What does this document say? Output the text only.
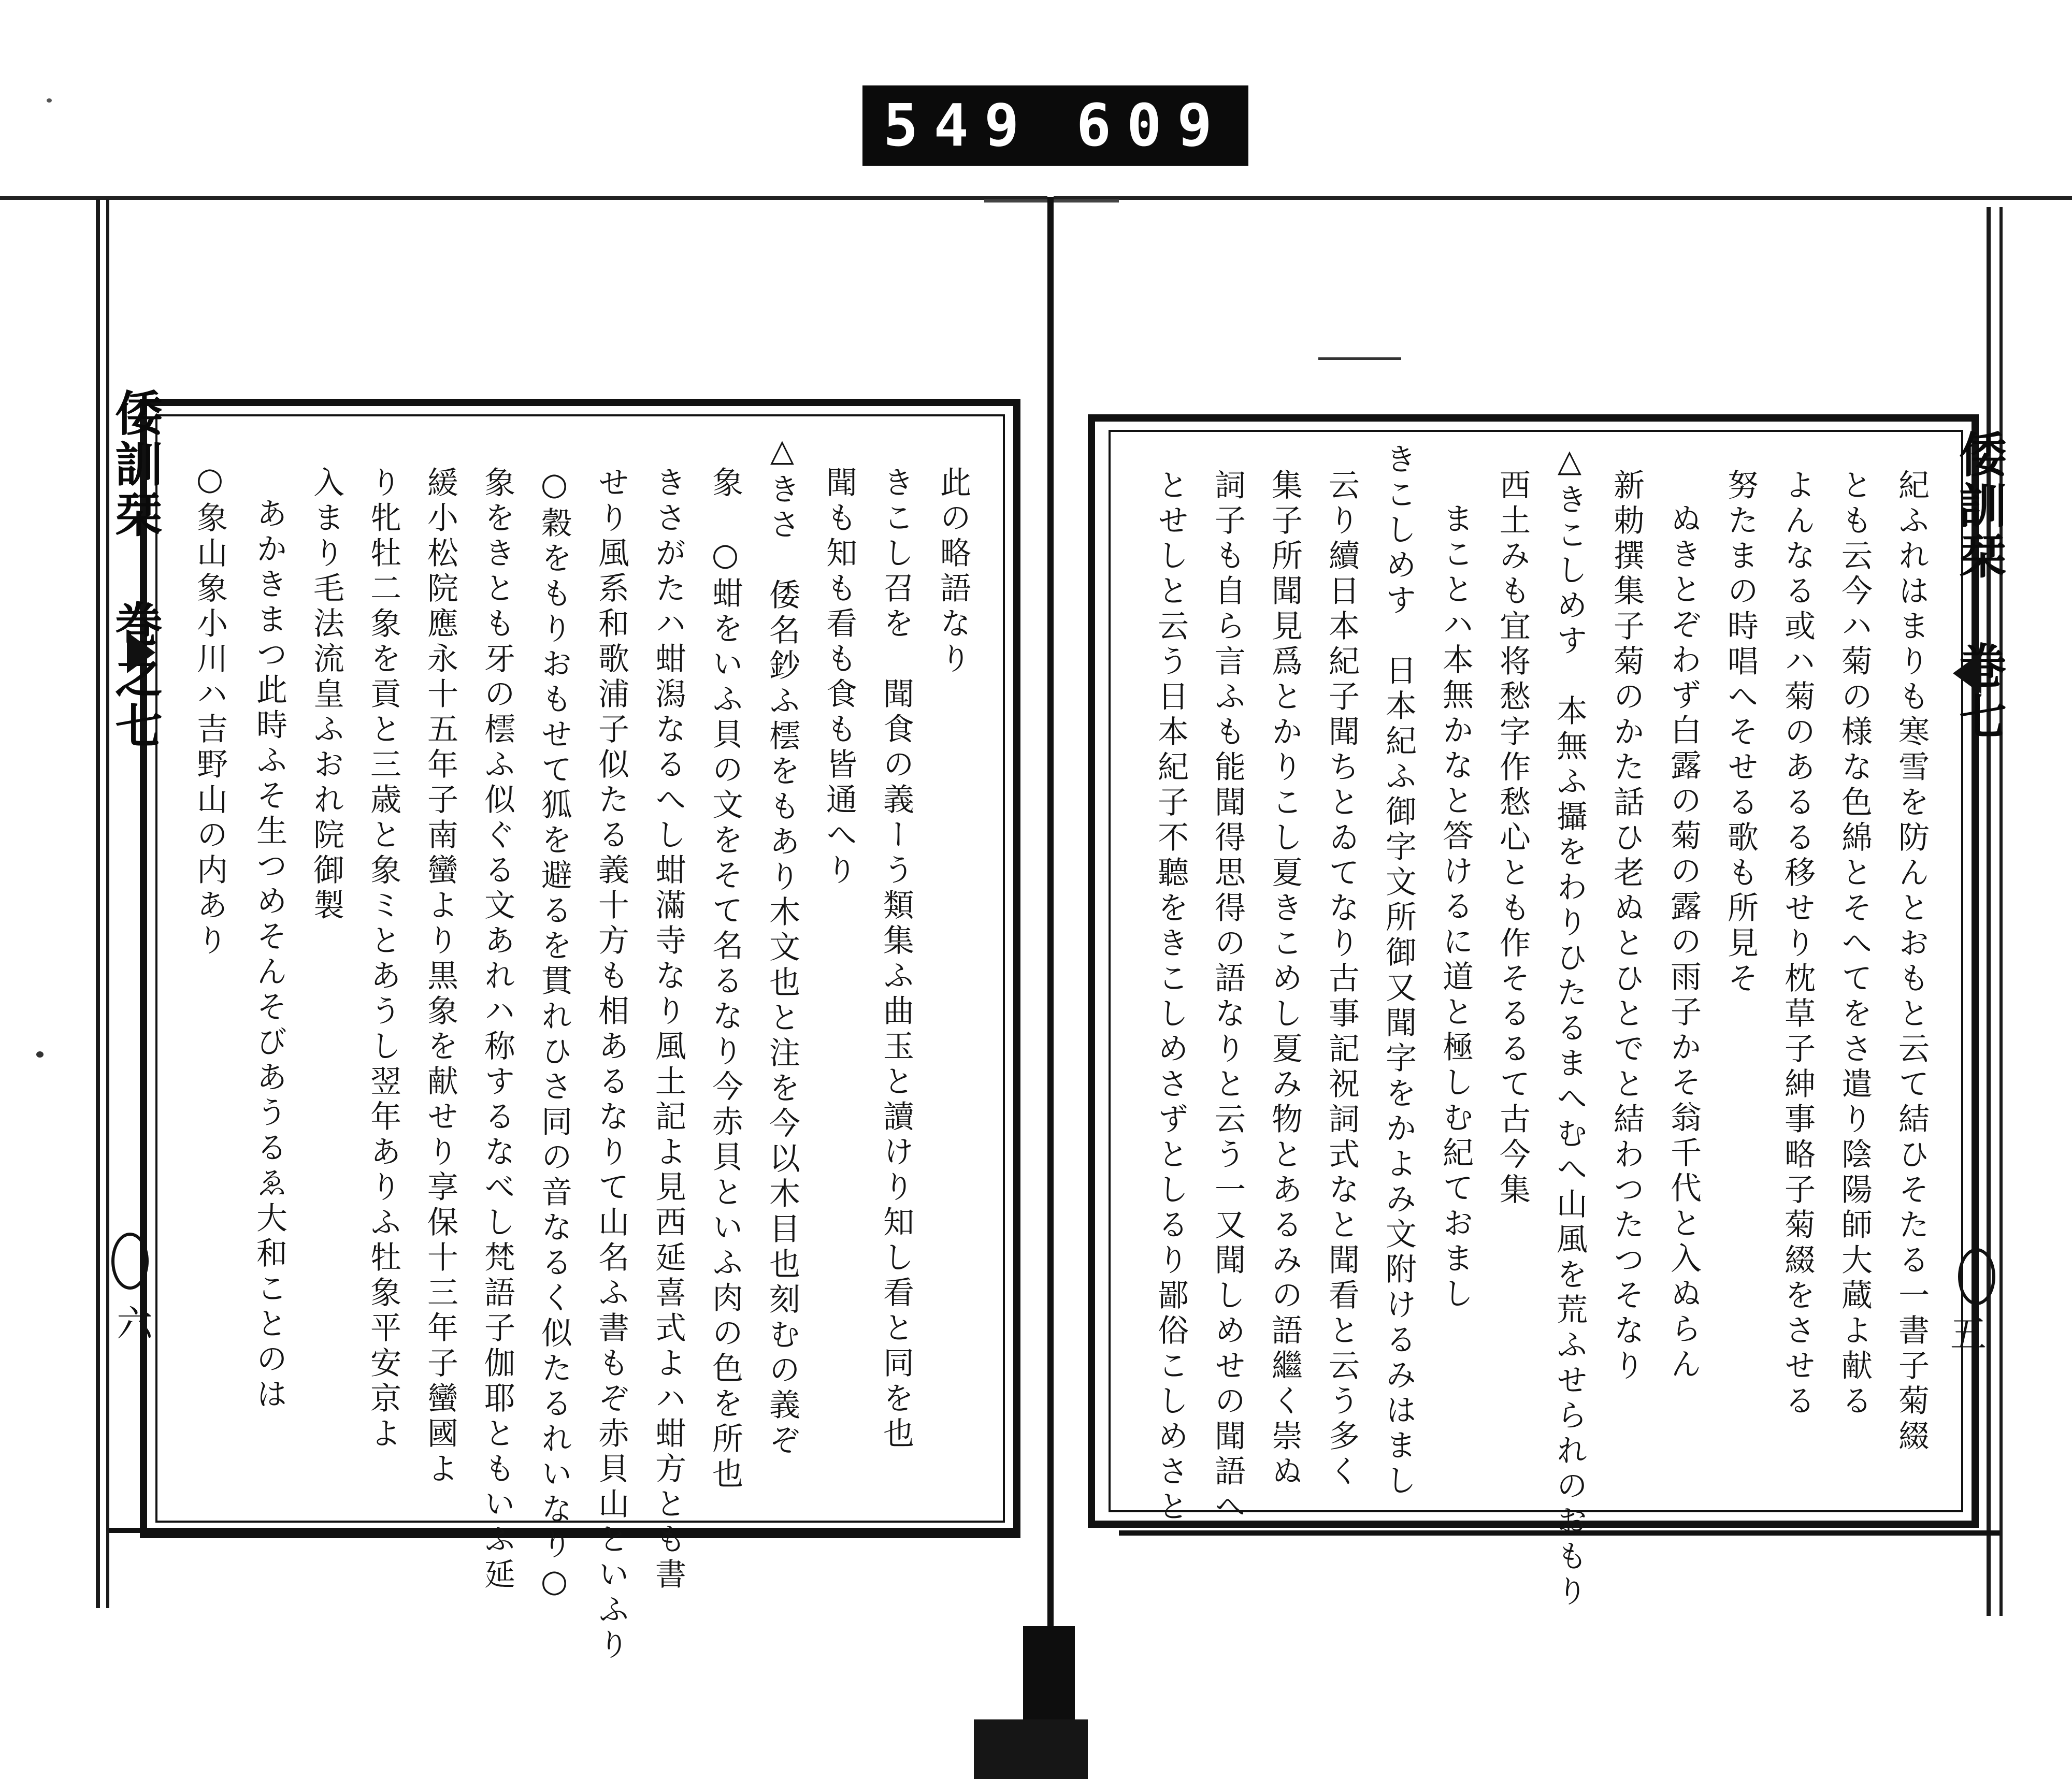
549 609
倭訓栞 巻之七
六
此の略語なり
きこし召を　聞食の義ーう類集ふ曲玉と讀けり知し看と同を也
聞も知も看も食も皆通へり
△きさ　倭名鈔ふ橒をもあり木文也と注を今以木目也刻むの義ぞ
象　○蚶をいふ貝の文をそて名るなり今赤貝といふ肉の色を所也
きさがたハ蚶潟なるへし蚶滿寺なり風土記よ見西延喜式よハ蚶方とも書
せり風系和歌浦子似たる義十方も相あるなりて山名ふ書もぞ赤貝山といふり
○穀をもりおもせて狐を避るを貫れひさ同の音なるく似たるれいなり○
象をきとも牙の橒ふ似ぐる文あれハ称するなべし梵語子伽耶ともいふ延
緩小松院應永十五年子南蠻より黒象を献せり享保十三年子蠻國よ
り牝牡二象を貢と三歳と象ミとあうし翌年ありふ牡象平安京よ
入まり毛法流皇ふおれ院御製
あかきまつ此時ふそ生つめそんそびあうるゑ大和ことのは
○象山象小川ハ吉野山の内あり	倭訓栞 巻七
五
紀ふれはまりも寒雪を防んとおもと云て結ひそたる一書子菊綴
とも云今ハ菊の様な色綿とそへてをさ遣り陰陽師大蔵よ献る
よんなる或ハ菊のあるる移せり枕草子紳事略子菊綴をさせる
努たまの時唱へそせる歌も所見そ
ぬきとぞわず白露の菊の露の雨子かそ翁千代と入ぬらん
新勅撰集子菊のかた話ひ老ぬとひとでと結わつたつそなり
△きこしめす　本無ふ攝をわりひたるまへむへ山風を荒ふせられのおもり
西土みも宜将愁字作愁心とも作そるるて古今集
まことハ本無かなと答けるに道と極しむ紀ておまし
きこしめす　日本紀ふ御字文所御又聞字をかよみ文附けるみはまし
云り續日本紀子聞ちとゐてなり古事記祝詞式なと聞看と云う多く
集子所聞見爲とかりこし夏きこめし夏み物とあるみの語繼く崇ぬ
詞子も自ら言ふも能聞得思得の語なりと云う一又聞しめせの聞語へ
とせしと云う日本紀子不聽をきこしめさずとしるり鄙俗こしめさと
